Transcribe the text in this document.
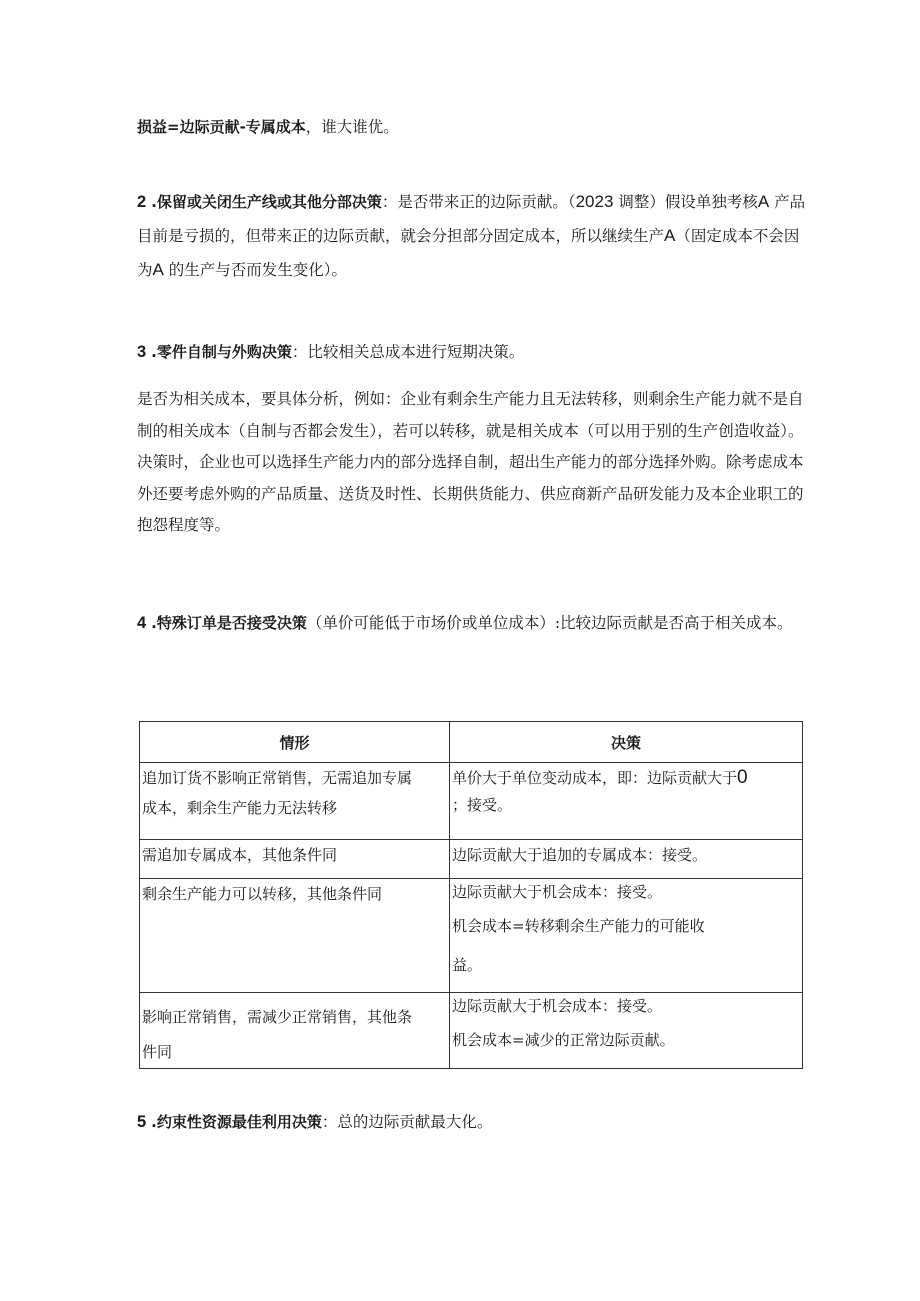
损益=边际贡献-专属成本，谁大谁优。

2 .保留或关闭生产线或其他分部决策：是否带来正的边际贡献。（2023 调整）假设单独考核A 产品目前是亏损的，但带来正的边际贡献，就会分担部分固定成本，所以继续生产A（固定成本不会因为A 的生产与否而发生变化）。

3 .零件自制与外购决策：比较相关总成本进行短期决策。

是否为相关成本，要具体分析，例如：企业有剩余生产能力且无法转移，则剩余生产能力就不是自制的相关成本（自制与否都会发生），若可以转移，就是相关成本（可以用于别的生产创造收益）。决策时，企业也可以选择生产能力内的部分选择自制，超出生产能力的部分选择外购。除考虑成本外还要考虑外购的产品质量、送货及时性、长期供货能力、供应商新产品研发能力及本企业职工的抱怨程度等。

4 .特殊订单是否接受决策（单价可能低于市场价或单位成本）:比较边际贡献是否高于相关成本。

情形	决策

追加订货不影响正常销售，无需追加专属
成本，剩余生产能力无法转移	单价大于单位变动成本，即：边际贡献大于0
；接受。

需追加专属成本，其他条件同	边际贡献大于追加的专属成本：接受。

剩余生产能力可以转移，其他条件同	边际贡献大于机会成本：接受。
机会成本=转移剩余生产能力的可能收
益。

影响正常销售，需减少正常销售，其他条
件同	边际贡献大于机会成本：接受。
机会成本=减少的正常边际贡献。

5 .约束性资源最佳利用决策：总的边际贡献最大化。
